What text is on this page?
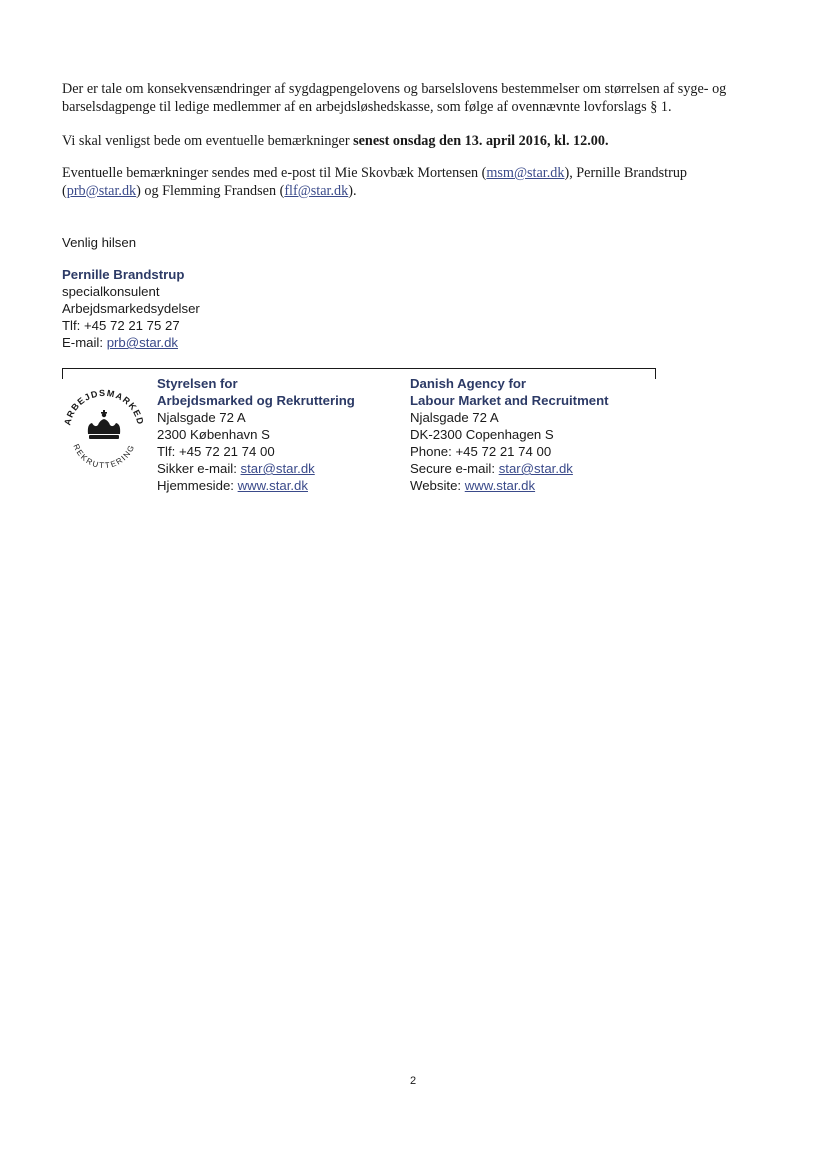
Der er tale om konsekvensændringer af sygdagpengelovens og barselslovens bestemmelser om størrelsen af syge- og barselsdagpenge til ledige medlemmer af en arbejdsløshedskasse, som følge af ovennævnte lovforslags § 1.

Vi skal venligst bede om eventuelle bemærkninger senest onsdag den 13. april 2016, kl. 12.00.

Eventuelle bemærkninger sendes med e-post til Mie Skovbæk Mortensen (msm@star.dk), Pernille Brandstrup (prb@star.dk) og Flemming Frandsen (flf@star.dk).

Venlig hilsen
Pernille Brandstrup
specialkonsulent
Arbejdsmarkedsydelser
Tlf: +45 72 21 75 27
E-mail: prb@star.dk
ARBEJDSMARKED
REKRUTTERING
Styrelsen for
Arbejdsmarked og Rekruttering
Njalsgade 72 A
2300 København S
Tlf: +45 72 21 74 00
Sikker e-mail: star@star.dk
Hjemmeside: www.star.dk
Danish Agency for
Labour Market and Recruitment
Njalsgade 72 A
DK-2300 Copenhagen S
Phone: +45 72 21 74 00
Secure e-mail: star@star.dk
Website: www.star.dk
2
